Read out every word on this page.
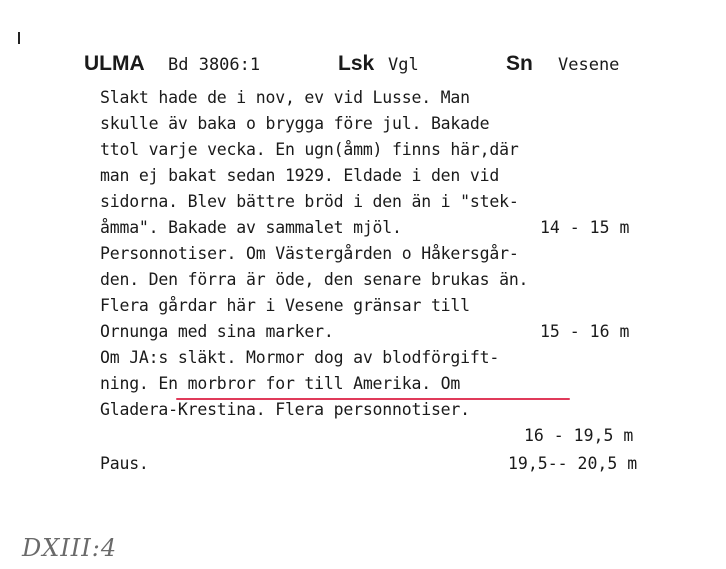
ULMA Bd 3806:1	Lsk Vgl	Sn Vesene
Slakt hade de i nov, ev vid Lusse. Man
skulle äv baka o brygga före jul. Bakade
ttol varje vecka. En ugn(åmm) finns här,där
man ej bakat sedan 1929. Eldade i den vid
sidorna. Blev bättre bröd i den än i "stek-
åmma". Bakade av sammalet mjöl.	14 - 15 m
Personnotiser. Om Västergården o Håkersgår-
den. Den förra är öde, den senare brukas än.
Flera gårdar här i Vesene gränsar till
Ornunga med sina marker.	15 - 16 m
Om JA:s släkt. Mormor dog av blodförgift-
ning. En morbror for till Amerika. Om
Gladera-Krestina. Flera personnotiser.
16 - 19,5 m
Paus.	19,5-- 20,5 m
DXIII:4
